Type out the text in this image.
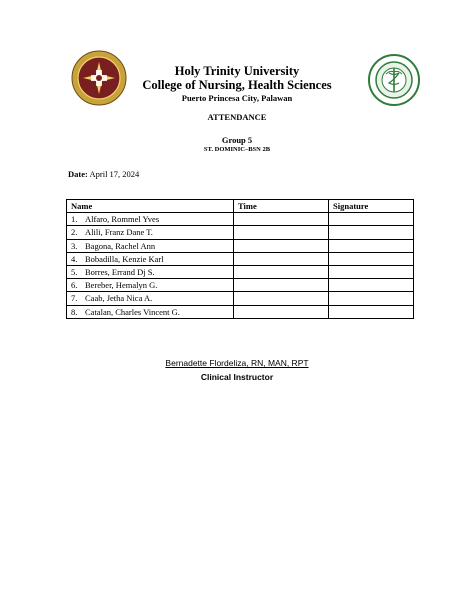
Holy Trinity University
College of Nursing, Health Sciences
Puerto Princesa City, Palawan
ATTENDANCE
Group 5
ST. DOMINIC–BSN 2B
Date: April 17, 2024
Name	Time	Signature
1. Alfaro, Rommel Yves		
2. Alili, Franz Dane T.		
3. Bagona, Rachel Ann		
4. Bobadilla, Kenzie Karl		
5. Borres, Errand Dj S.		
6. Bereber, Hemalyn G.		
7. Caab, Jetha Nica A.		
8. Catalan, Charles Vincent G.		
Bernadette Flordeliza, RN, MAN, RPT
Clinical Instructor
